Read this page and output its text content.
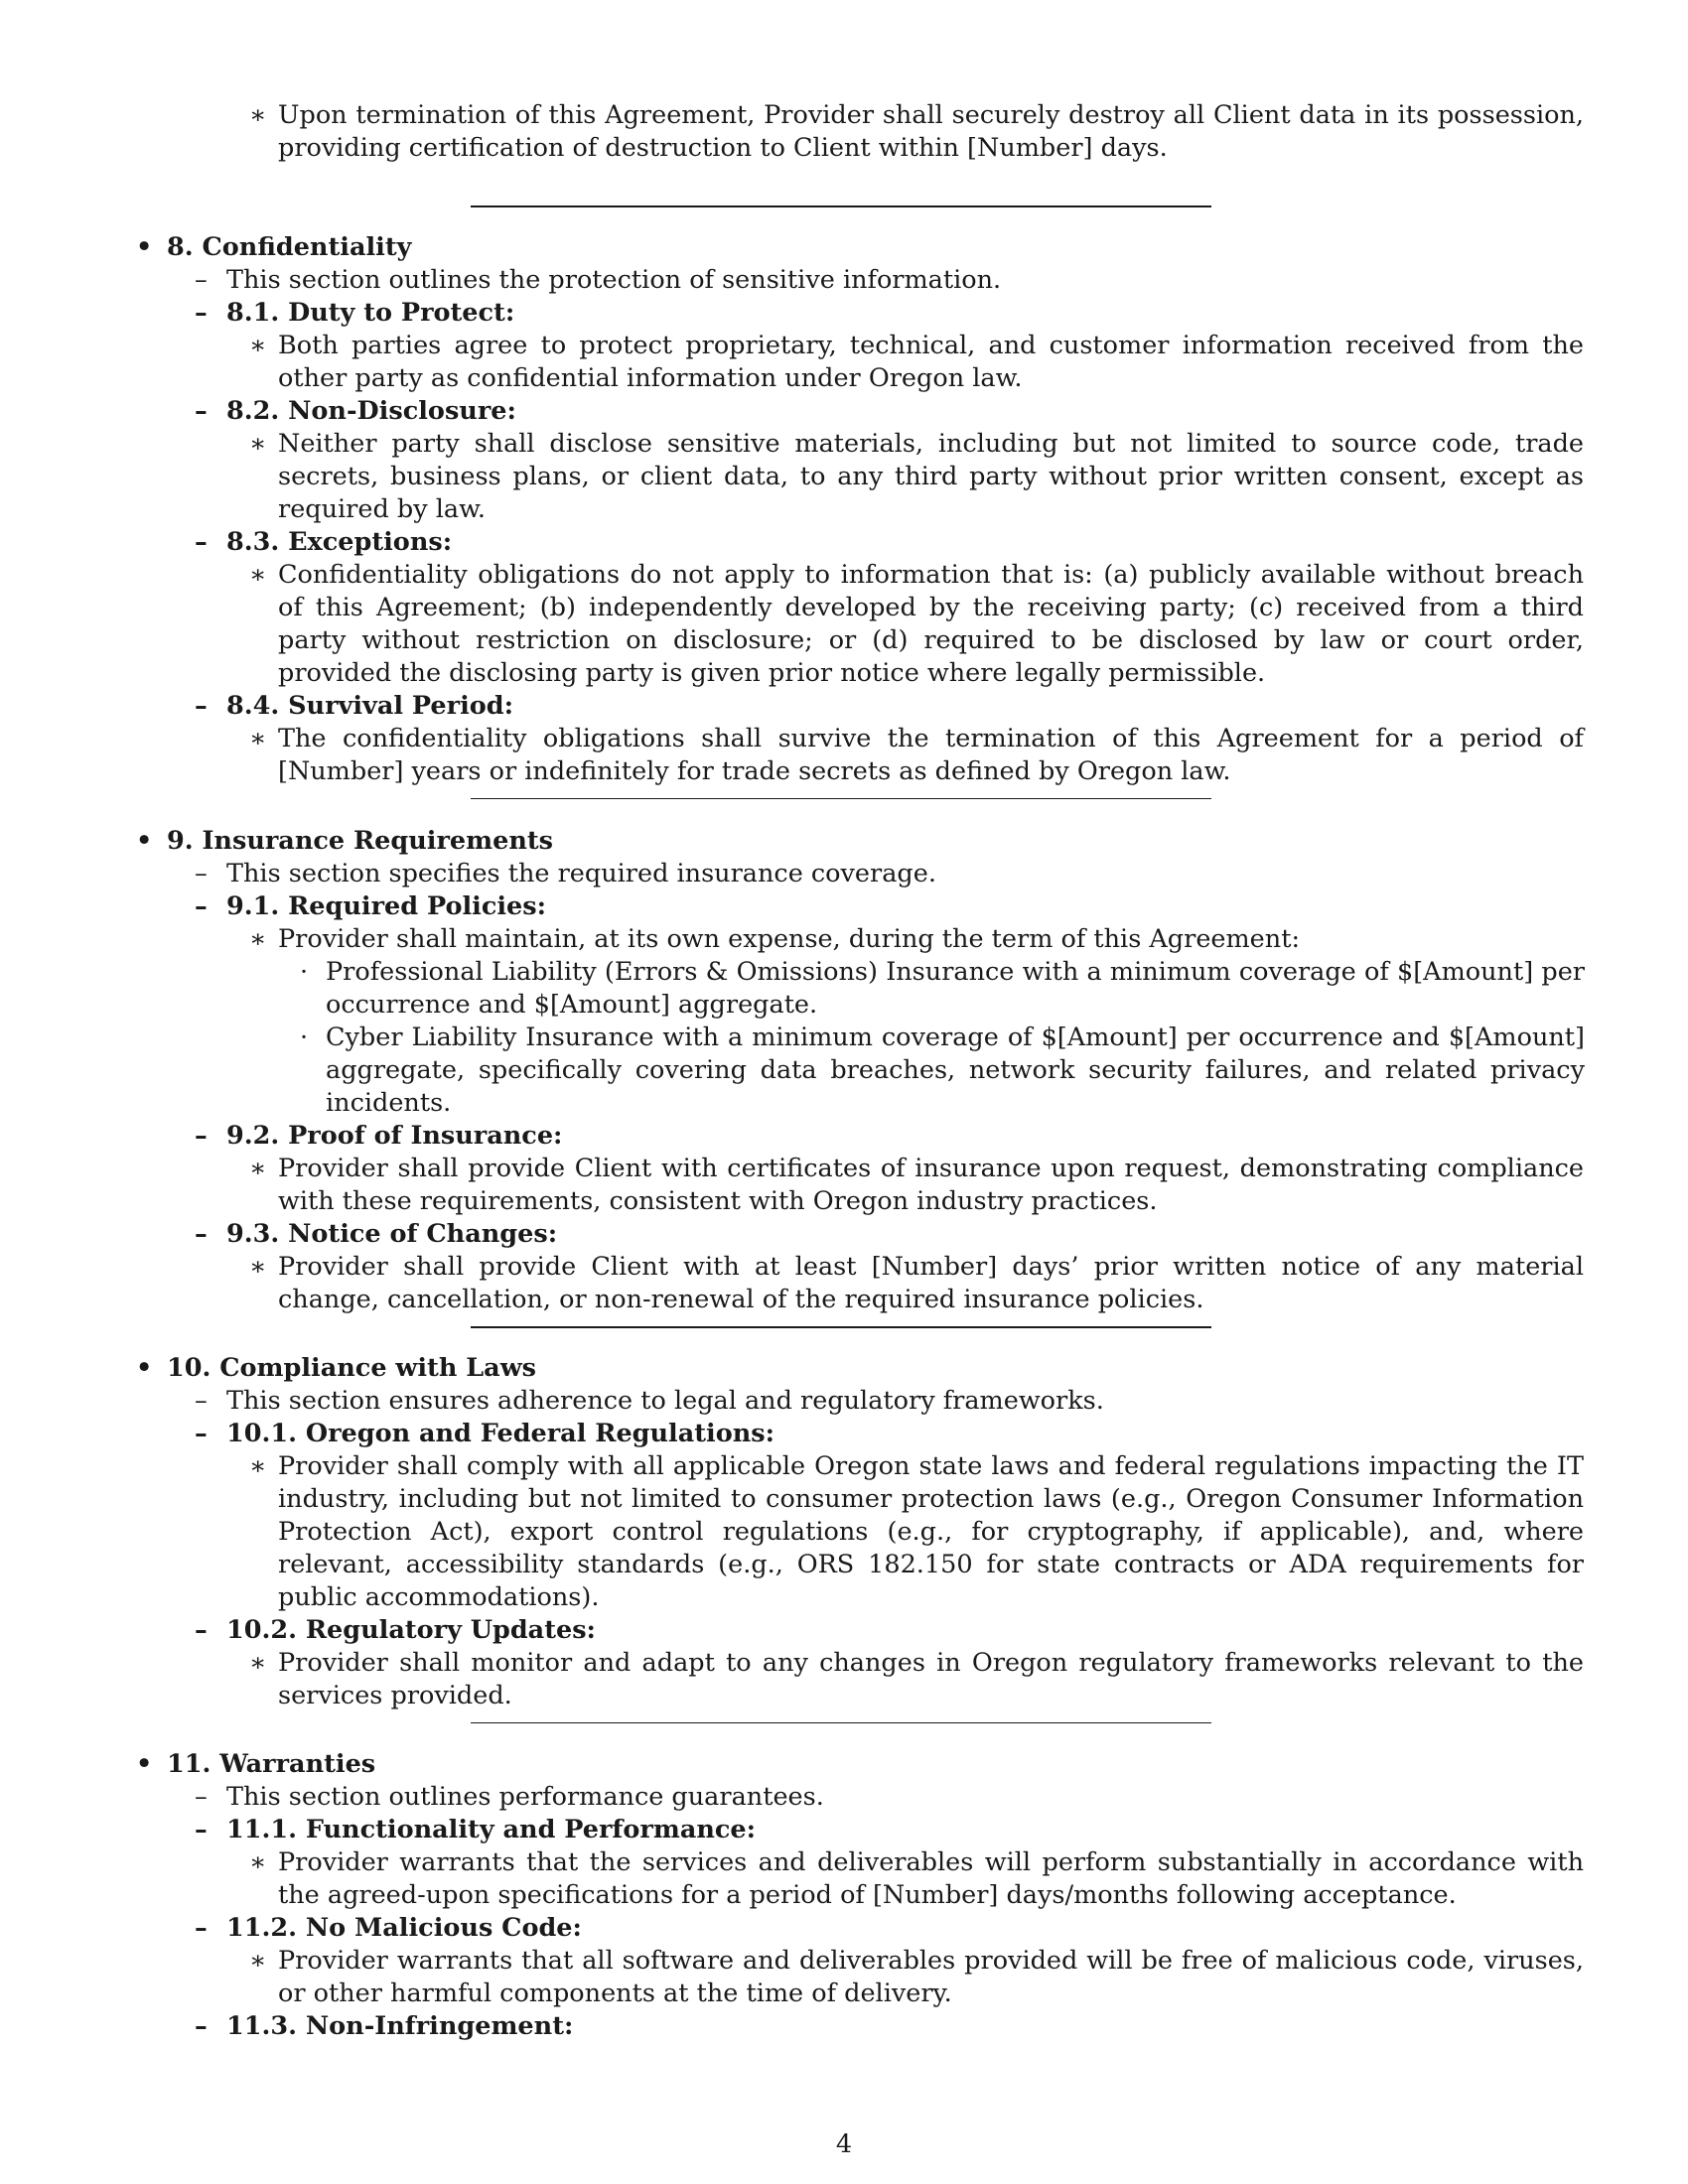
∗ Upon termination of this Agreement, Provider shall securely destroy all Client data in its possession, providing certification of destruction to Client within [Number] days.
• 8. Confidentiality
– This section outlines the protection of sensitive information.
– 8.1. Duty to Protect:
∗ Both parties agree to protect proprietary, technical, and customer information received from the other party as confidential information under Oregon law.
– 8.2. Non-Disclosure:
∗ Neither party shall disclose sensitive materials, including but not limited to source code, trade secrets, business plans, or client data, to any third party without prior written consent, except as required by law.
– 8.3. Exceptions:
∗ Confidentiality obligations do not apply to information that is: (a) publicly available without breach of this Agreement; (b) independently developed by the receiving party; (c) received from a third party without restriction on disclosure; or (d) required to be disclosed by law or court order, provided the disclosing party is given prior notice where legally permissible.
– 8.4. Survival Period:
∗ The confidentiality obligations shall survive the termination of this Agreement for a period of [Number] years or indefinitely for trade secrets as defined by Oregon law.
• 9. Insurance Requirements
– This section specifies the required insurance coverage.
– 9.1. Required Policies:
∗ Provider shall maintain, at its own expense, during the term of this Agreement:
· Professional Liability (Errors & Omissions) Insurance with a minimum coverage of $[Amount] per occurrence and $[Amount] aggregate.
· Cyber Liability Insurance with a minimum coverage of $[Amount] per occurrence and $[Amount] aggregate, specifically covering data breaches, network security failures, and related privacy incidents.
– 9.2. Proof of Insurance:
∗ Provider shall provide Client with certificates of insurance upon request, demonstrating compliance with these requirements, consistent with Oregon industry practices.
– 9.3. Notice of Changes:
∗ Provider shall provide Client with at least [Number] days’ prior written notice of any material change, cancellation, or non-renewal of the required insurance policies.
• 10. Compliance with Laws
– This section ensures adherence to legal and regulatory frameworks.
– 10.1. Oregon and Federal Regulations:
∗ Provider shall comply with all applicable Oregon state laws and federal regulations impacting the IT industry, including but not limited to consumer protection laws (e.g., Oregon Consumer Information Protection Act), export control regulations (e.g., for cryptography, if applicable), and, where relevant, accessibility standards (e.g., ORS 182.150 for state contracts or ADA requirements for public accommodations).
– 10.2. Regulatory Updates:
∗ Provider shall monitor and adapt to any changes in Oregon regulatory frameworks relevant to the services provided.
• 11. Warranties
– This section outlines performance guarantees.
– 11.1. Functionality and Performance:
∗ Provider warrants that the services and deliverables will perform substantially in accordance with the agreed-upon specifications for a period of [Number] days/months following acceptance.
– 11.2. No Malicious Code:
∗ Provider warrants that all software and deliverables provided will be free of malicious code, viruses, or other harmful components at the time of delivery.
– 11.3. Non-Infringement:
4
